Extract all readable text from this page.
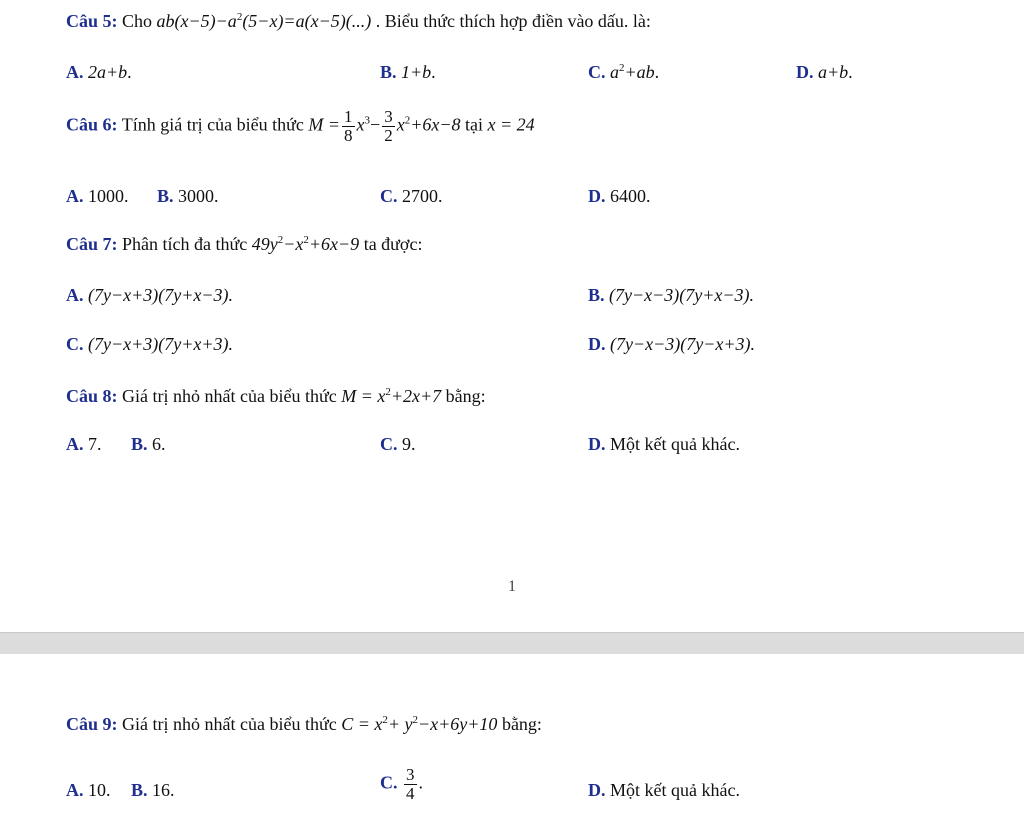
Câu 5: Cho $ab(x-5)-a^2(5-x)=a(x-5)(...)$ . Biểu thức thích hợp điền vào dấu. là:
A. 2a+b.	B. 1+b.	C. $a^2+ab$.	D. a+b.
Câu 6: Tính giá trị của biểu thức $M = \frac{1}{8} x^3- \frac{3}{2} x^2+6x-8$ tại x = 24
A. 1000. B. 3000.	C. 2700.	D. 6400.
Câu 7: Phân tích đa thức $49y^2-x^2+6x-9$ ta được:
A. (7y−x+3)(7y+x−3).	B. (7y−x−3)(7y+x−3).
C. (7y−x+3)(7y+x+3).	D. (7y−x−3)(7y−x+3).
Câu 8: Giá trị nhỏ nhất của biểu thức $M = x^2+2x+7$ bằng:
A. 7. B. 6.	C. 9.	D. Một kết quả khác.
1
Câu 9: Giá trị nhỏ nhất của biểu thức $C = x^2+ y^2-x+6y+10$ bằng:
A. 10. B. 16.	C. $\frac{3}{4}$ .	D. Một kết quả khác.
